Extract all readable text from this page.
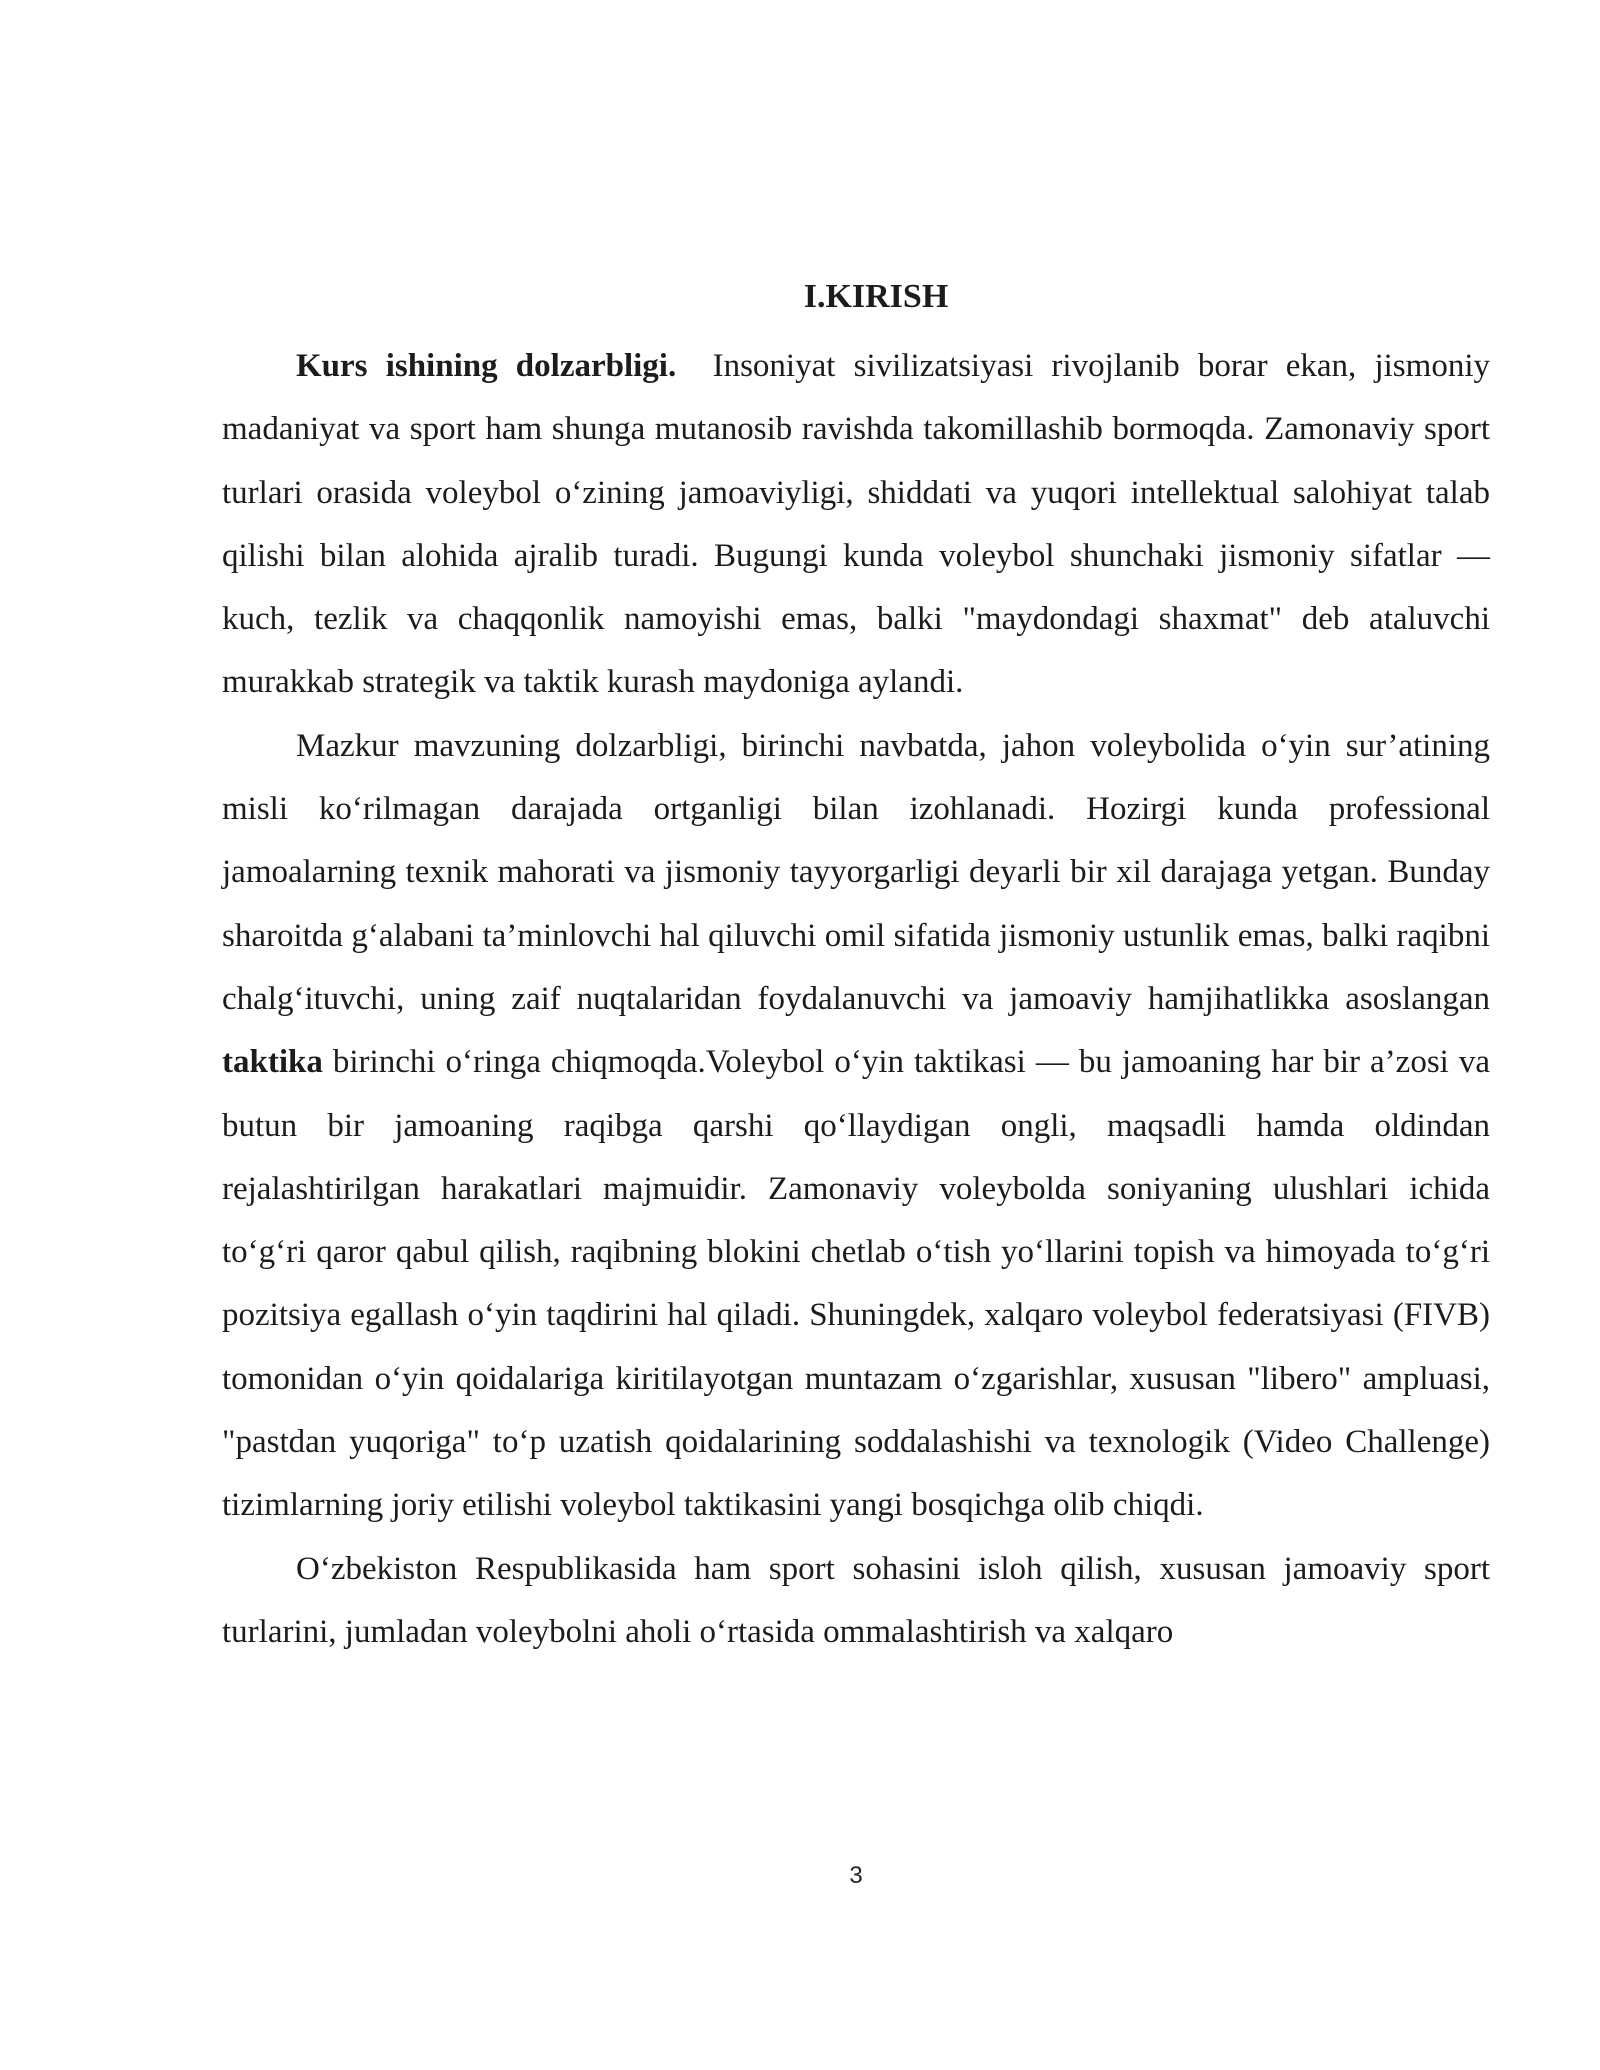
I.KIRISH

Kurs ishining dolzarbligi. Insoniyat sivilizatsiyasi rivojlanib borar ekan, jismoniy madaniyat va sport ham shunga mutanosib ravishda takomillashib bormoqda. Zamonaviy sport turlari orasida voleybol o‘zining jamoaviyligi, shiddati va yuqori intellektual salohiyat talab qilishi bilan alohida ajralib turadi. Bugungi kunda voleybol shunchaki jismoniy sifatlar — kuch, tezlik va chaqqonlik namoyishi emas, balki "maydondagi shaxmat" deb ataluvchi murakkab strategik va taktik kurash maydoniga aylandi.

Mazkur mavzuning dolzarbligi, birinchi navbatda, jahon voleybolida o‘yin sur’atining misli ko‘rilmagan darajada ortganligi bilan izohlanadi. Hozirgi kunda professional jamoalarning texnik mahorati va jismoniy tayyorgarligi deyarli bir xil darajaga yetgan. Bunday sharoitda g‘alabani ta’minlovchi hal qiluvchi omil sifatida jismoniy ustunlik emas, balki raqibni chalg‘ituvchi, uning zaif nuqtalaridan foydalanuvchi va jamoaviy hamjihatlikka asoslangan taktika birinchi o‘ringa chiqmoqda.Voleybol o‘yin taktikasi — bu jamoaning har bir a’zosi va butun bir jamoaning raqibga qarshi qo‘llaydigan ongli, maqsadli hamda oldindan rejalashtirilgan harakatlari majmuidir. Zamonaviy voleybolda soniyaning ulushlari ichida to‘g‘ri qaror qabul qilish, raqibning blokini chetlab o‘tish yo‘llarini topish va himoyada to‘g‘ri pozitsiya egallash o‘yin taqdirini hal qiladi. Shuningdek, xalqaro voleybol federatsiyasi (FIVB) tomonidan o‘yin qoidalariga kiritilayotgan muntazam o‘zgarishlar, xususan "libero" ampluasi, "pastdan yuqoriga" to‘p uzatish qoidalarining soddalashishi va texnologik (Video Challenge) tizimlarning joriy etilishi voleybol taktikasini yangi bosqichga olib chiqdi.

O‘zbekiston Respublikasida ham sport sohasini isloh qilish, xususan jamoaviy sport turlarini, jumladan voleybolni aholi o‘rtasida ommalashtirish va xalqaro

3
